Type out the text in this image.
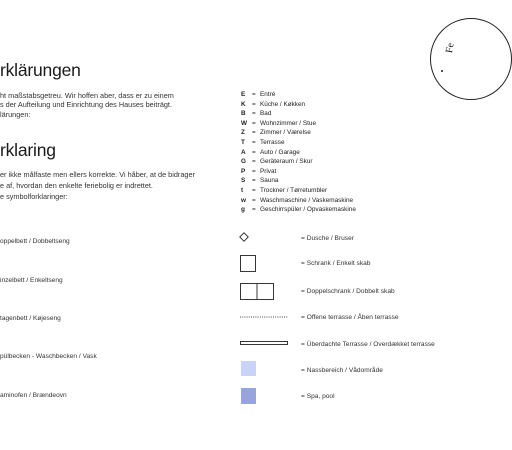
rklärungen
ht maßstabsgetreu. Wir hoffen aber, dass er zu einem
s der Aufteilung und Einrichtung des Hauses beiträgt.
lärungen:
rklaring
er ikke målfaste men ellers korrekte. Vi håber, at de bidrager
e af, hvordan den enkelte feriebolig er indrettet.
e symbolforklaringer:
oppelbett / Dobbeltseng
inzelbett / Enkeltseng
tagenbett / Køjeseng
pülbecken - Waschbecken / Vask
aminofen / Brændeovn
E = Entré
K = Küche / Køkken
B = Bad
W = Wohnzimmer / Stue
Z = Zimmer / Værelse
T = Terrasse
A = Auto / Garage
G = Geräteraum / Skur
P = Privat
S = Sauna
t = Trockner / Tørretumbler
w = Waschmaschine / Vaskemaskine
g = Geschirrspüler / Opvaskemaskine
= Dusche / Bruser
= Schrank / Enkelt skab
= Doppelschrank / Dobbelt skab
= Offene terrasse / Åben terrasse
= Überdachte Terrasse / Overdækket terrasse
= Nassbereich / Vådområde
= Spa, pool
Fe
